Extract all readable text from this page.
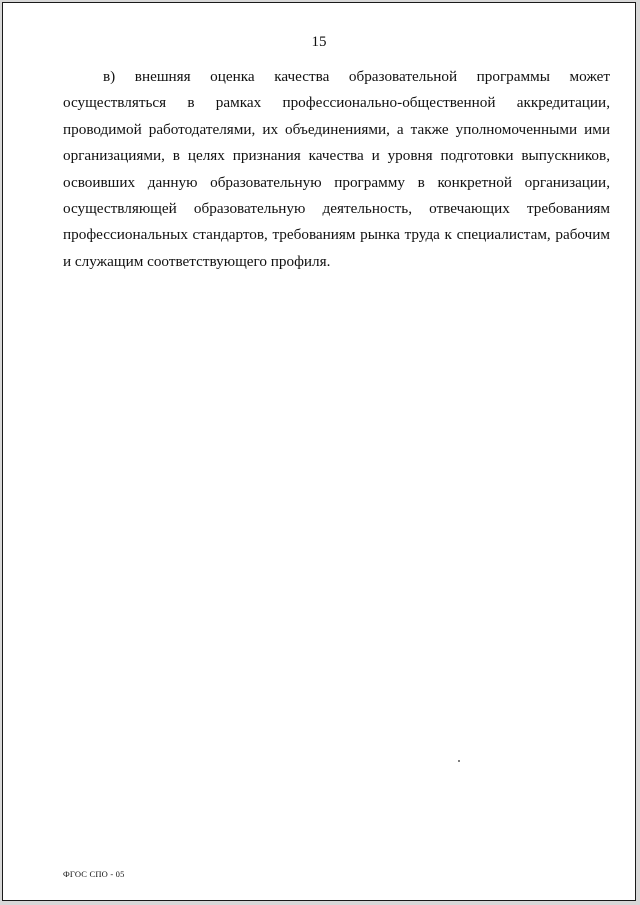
15

в) внешняя оценка качества образовательной программы может осуществляться в рамках профессионально-общественной аккредитации, проводимой работодателями, их объединениями, а также уполномоченными ими организациями, в целях признания качества и уровня подготовки выпускников, освоивших данную образовательную программу в конкретной организации, осуществляющей образовательную деятельность, отвечающих требованиям профессиональных стандартов, требованиям рынка труда к специалистам, рабочим и служащим соответствующего профиля.

ФГОС СПО - 05
